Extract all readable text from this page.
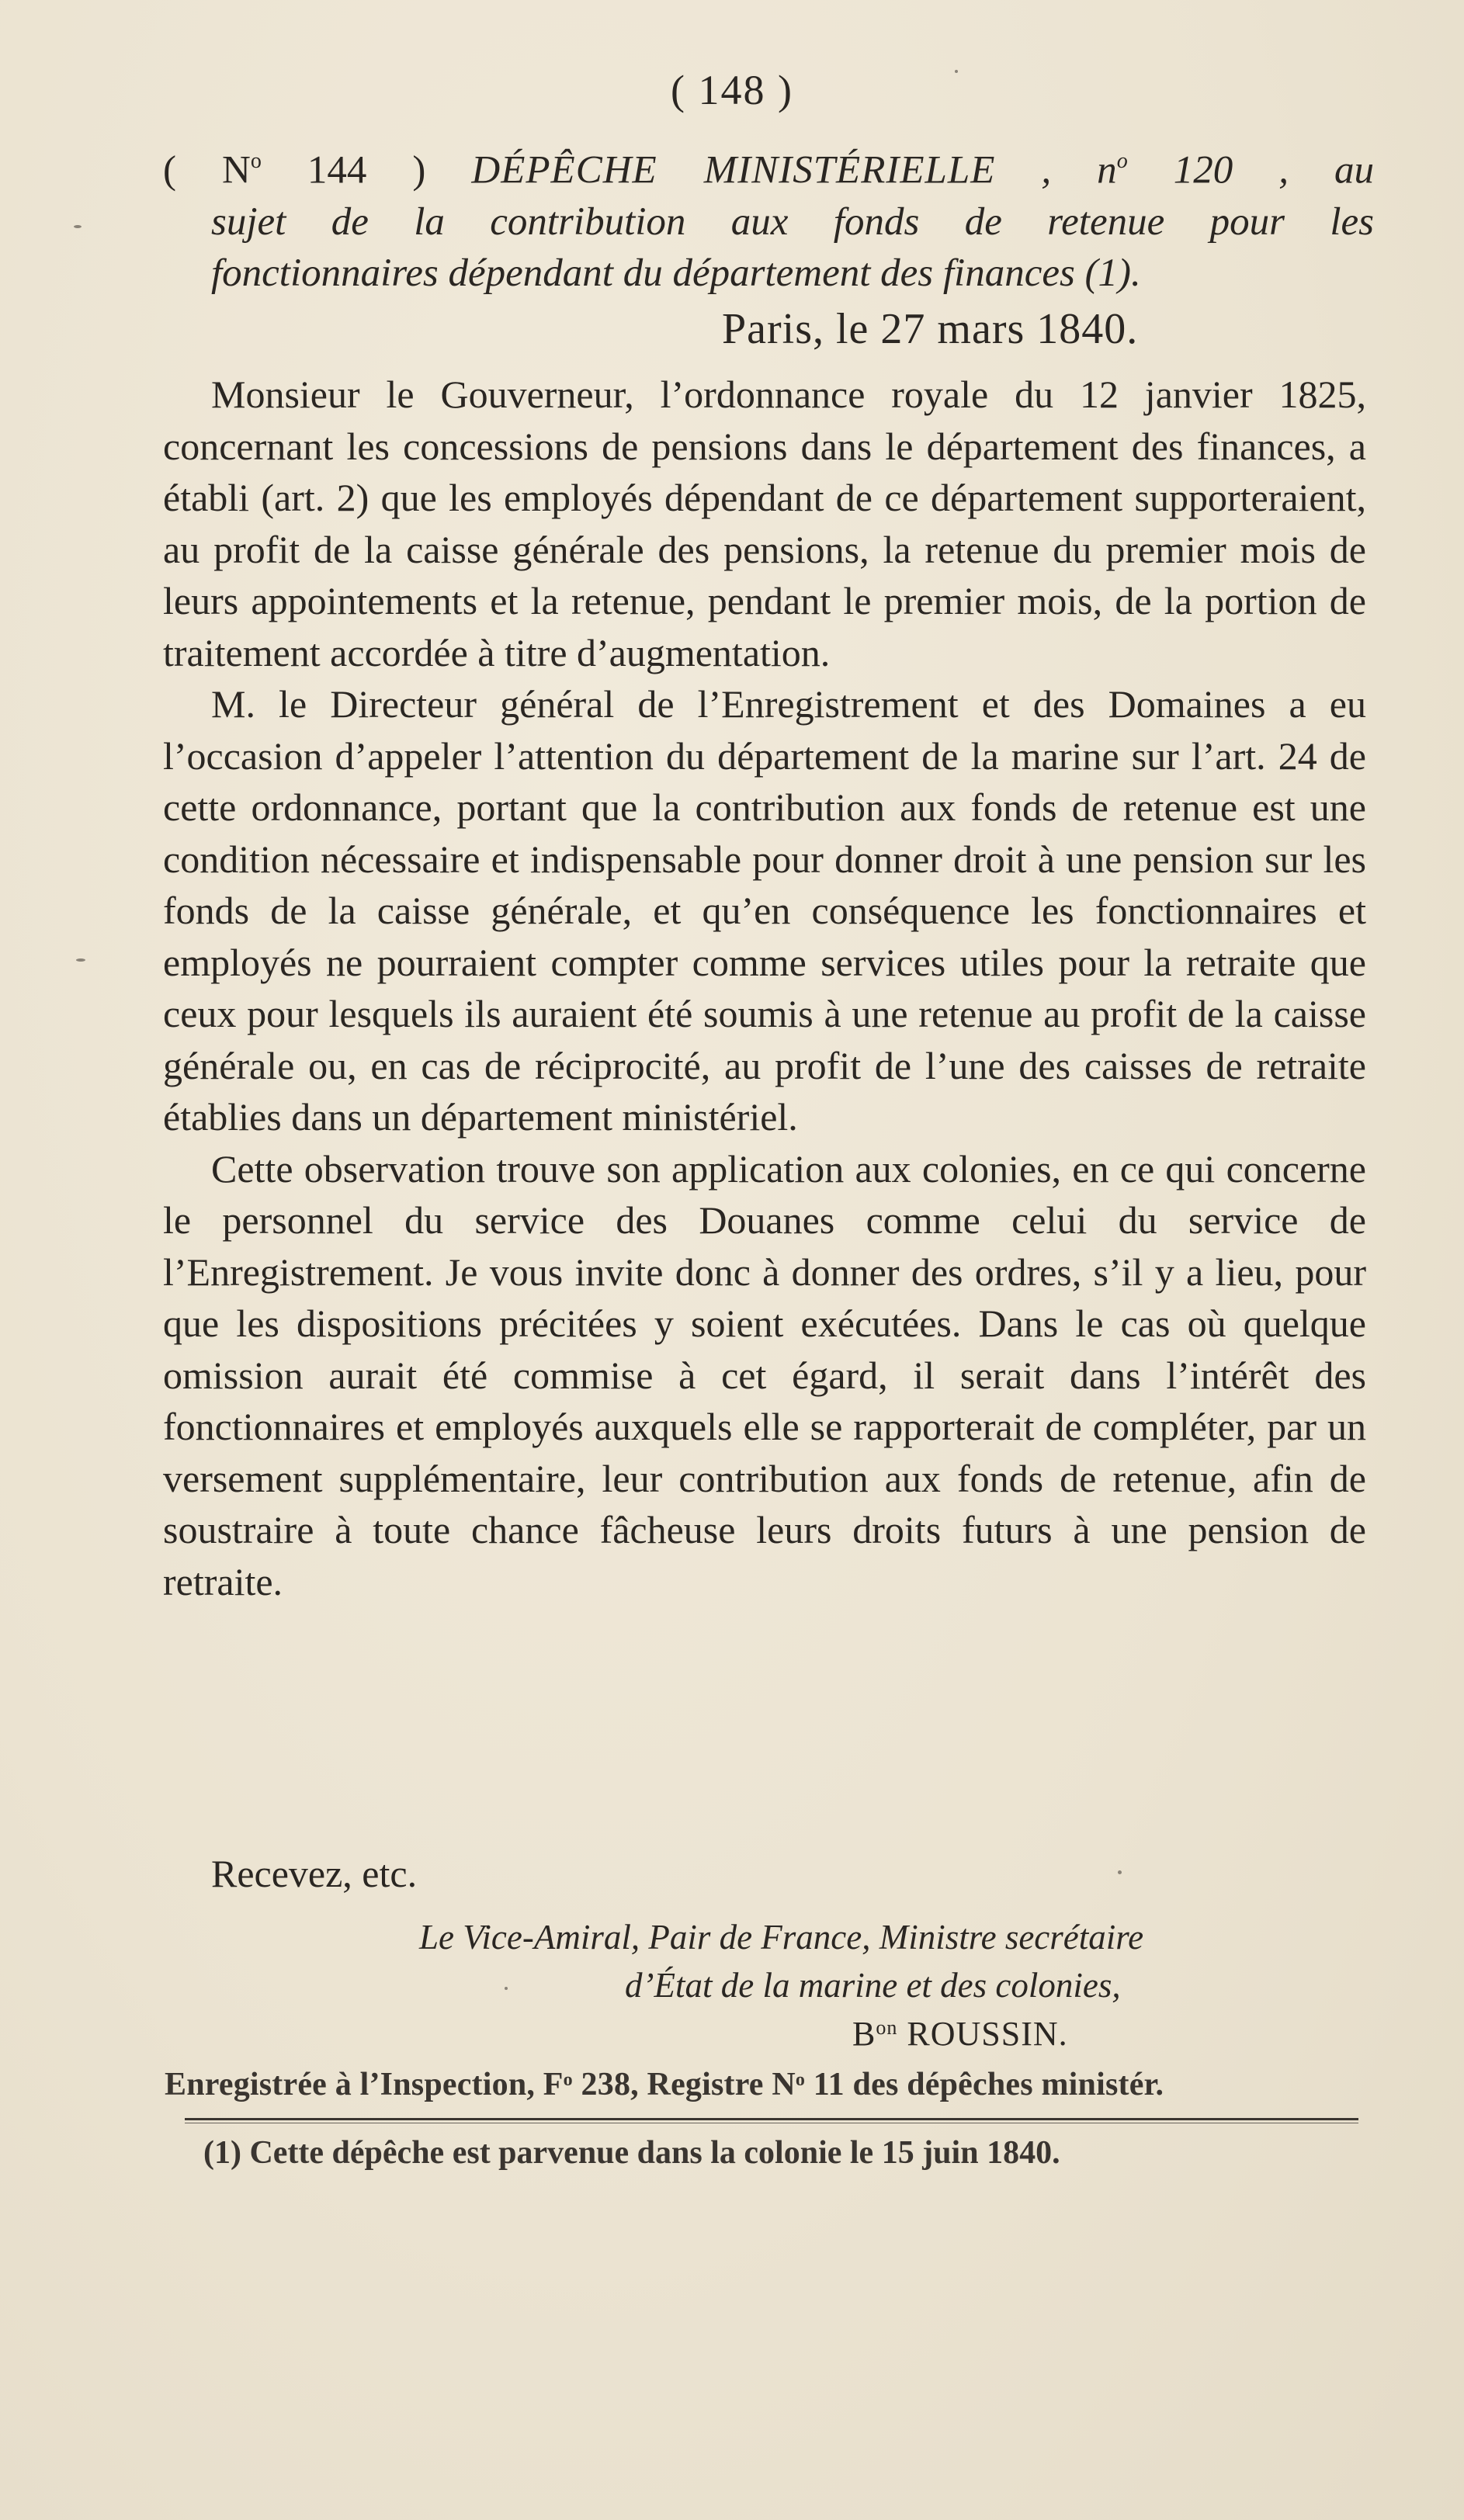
( 148 )
( $N^o$ 144 ) DÉPÊCHE MINISTÉRIELLE , $n^o$ 120 , au
sujet de la contribution aux fonds de retenue pour les
fonctionnaires dépendant du département des finances (1).
Paris, le 27 mars 1840.

Monsieur le Gouverneur, l’ordonnance royale du 12 janvier 1825, concernant les concessions de pensions dans le département des finances, a établi (art. 2) que les employés dépendant de ce département supporteraient, au profit de la caisse générale des pensions, la retenue du premier mois de leurs appointements et la retenue, pendant le premier mois, de la portion de traitement accordée à titre d’augmentation.

M. le Directeur général de l’Enregistrement et des Domaines a eu l’occasion d’appeler l’attention du département de la marine sur l’art. 24 de cette ordonnance, portant que la contribution aux fonds de retenue est une condition nécessaire et indispensable pour donner droit à une pension sur les fonds de la caisse générale, et qu’en conséquence les fonctionnaires et employés ne pourraient compter comme services utiles pour la retraite que ceux pour lesquels ils auraient été soumis à une retenue au profit de la caisse générale ou, en cas de réciprocité, au profit de l’une des caisses de retraite établies dans un département ministériel.

Cette observation trouve son application aux colonies, en ce qui concerne le personnel du service des Douanes comme celui du service de l’Enregistrement. Je vous invite donc à donner des ordres, s’il y a lieu, pour que les dispositions précitées y soient exécutées. Dans le cas où quelque omission aurait été commise à cet égard, il serait dans l’intérêt des fonctionnaires et employés auxquels elle se rapporterait de compléter, par un versement supplémentaire, leur contribution aux fonds de retenue, afin de soustraire à toute chance fâcheuse leurs droits futurs à une pension de retraite.

Recevez, etc.
Le Vice-Amiral, Pair de France, Ministre secrétaire
d’État de la marine et des colonies,
$B^{on}$ ROUSSIN.
Enregistrée à l’Inspection, $F^o$ 238, Registre $N^o$ 11 des dépêches ministér.
(1) Cette dépêche est parvenue dans la colonie le 15 juin 1840.
